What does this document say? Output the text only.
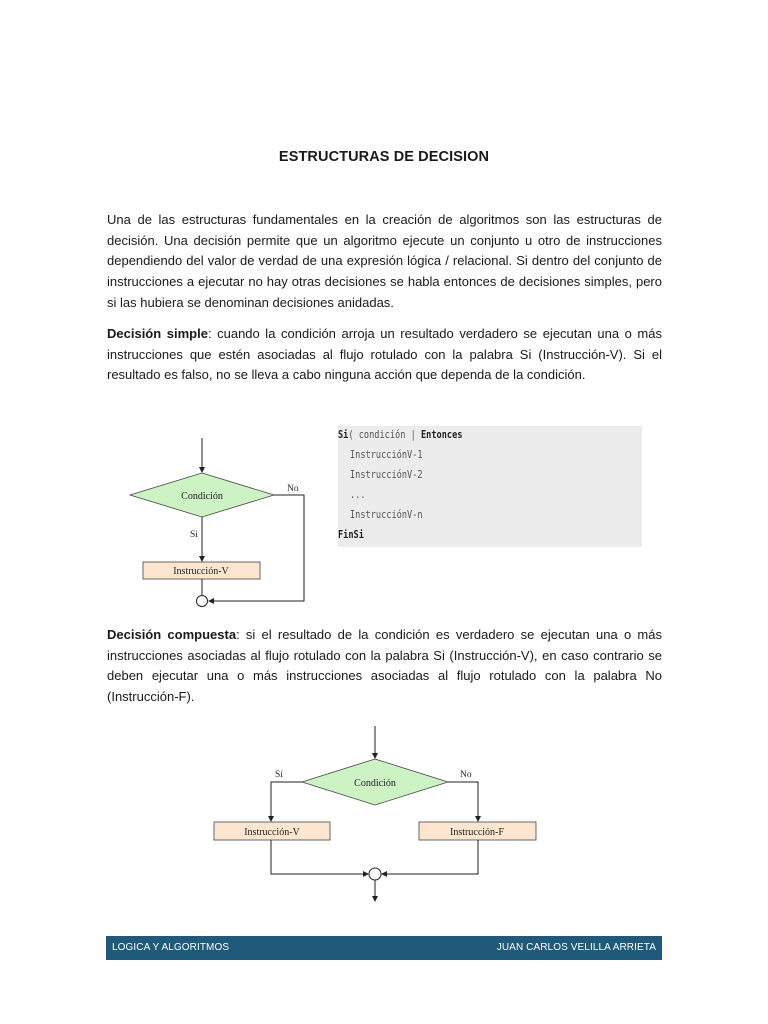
ESTRUCTURAS DE DECISION

Una de las estructuras fundamentales en la creación de algoritmos son las estructuras de decisión. Una decisión permite que un algoritmo ejecute un conjunto u otro de instrucciones dependiendo del valor de verdad de una expresión lógica / relacional. Si dentro del conjunto de instrucciones a ejecutar no hay otras decisiones se habla entonces de decisiones simples, pero si las hubiera se denominan decisiones anidadas.

Decisión simple: cuando la condición arroja un resultado verdadero se ejecutan una o más instrucciones que estén asociadas al flujo rotulado con la palabra Si (Instrucción-V). Si el resultado es falso, no se lleva a cabo ninguna acción que dependa de la condición.

Condición
Si
Instrucción-V
No
Si( condición | Entonces
InstrucciónV-1
InstrucciónV-2
...
InstrucciónV-n
FinSi

Decisión compuesta: si el resultado de la condición es verdadero se ejecutan una o más instrucciones asociadas al flujo rotulado con la palabra Si (Instrucción-V), en caso contrario se deben ejecutar una o más instrucciones asociadas al flujo rotulado con la palabra No (Instrucción-F).

Condición
Sí	No
Instrucción-V	Instrucción-F
LOGICA Y ALGORITMOS	JUAN CARLOS VELILLA ARRIETA
